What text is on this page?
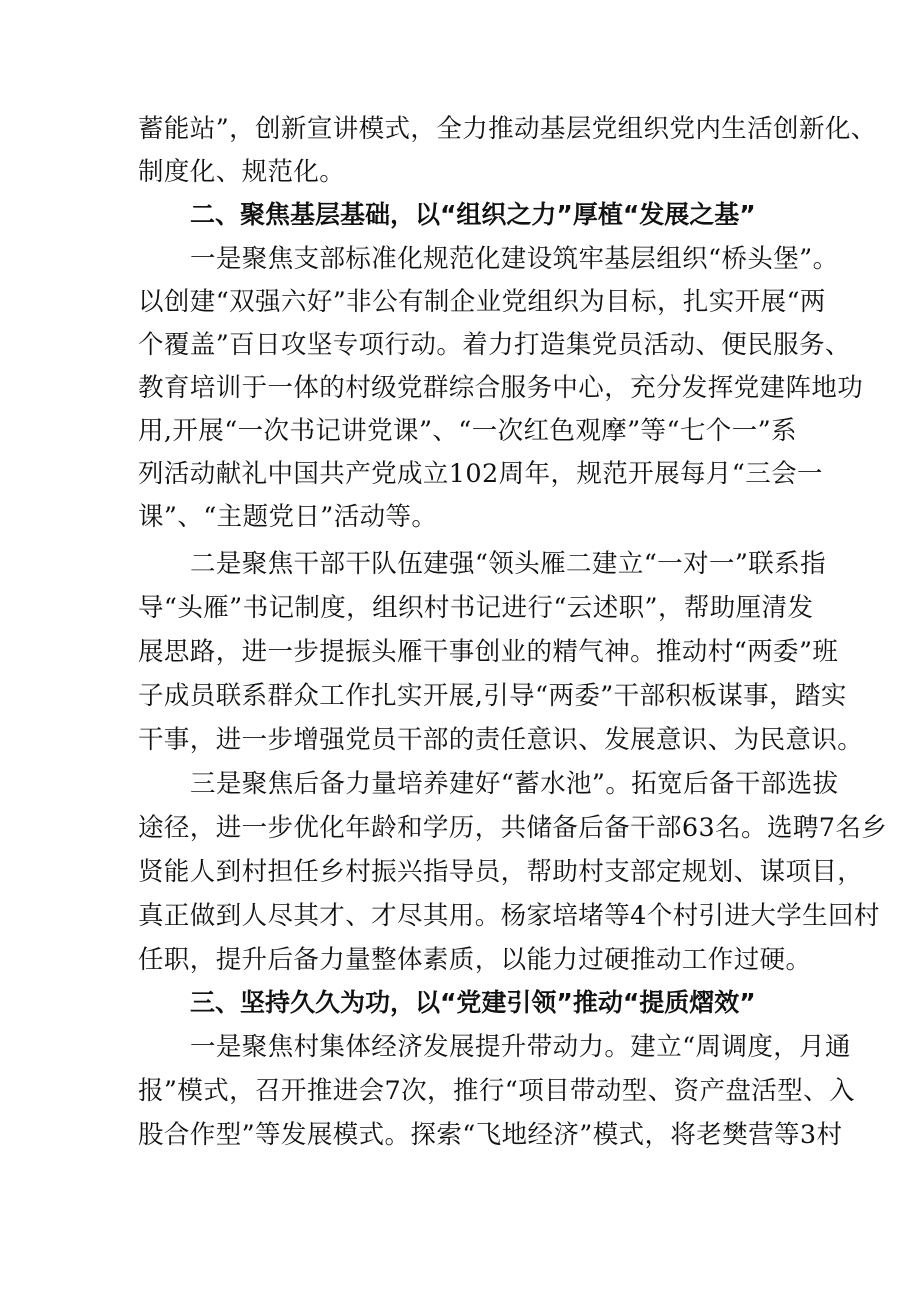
蓄能站”，创新宣讲模式，全力推动基层党组织党内生活创新化、
制度化、规范化。
二、聚焦基层基础，以“组织之力”厚植“发展之基”
一是聚焦支部标准化规范化建设筑牢基层组织“桥头堡”。
以创建“双强六好”非公有制企业党组织为目标，扎实开展“两
个覆盖”百日攻坚专项行动。着力打造集党员活动、便民服务、
教育培训于一体的村级党群综合服务中心，充分发挥党建阵地功
用,开展“一次书记讲党课”、“一次红色观摩”等“七个一”系
列活动献礼中国共产党成立102周年，规范开展每月“三会一
课”、“主题党日”活动等。
二是聚焦干部干队伍建强“领头雁二建立“一对一”联系指
导“头雁”书记制度，组织村书记进行“云述职”，帮助厘清发
展思路，进一步提振头雁干事创业的精气神。推动村“两委”班
子成员联系群众工作扎实开展,引导“两委”干部积板谋事，踏实
干事，进一步增强党员干部的责任意识、发展意识、为民意识。
三是聚焦后备力量培养建好“蓄水池”。拓宽后备干部选拔
途径，进一步优化年龄和学历，共储备后备干部63名。选聘7名乡
贤能人到村担任乡村振兴指导员，帮助村支部定规划、谋项目，
真正做到人尽其才、才尽其用。杨家培堵等4个村引进大学生回村
任职，提升后备力量整体素质，以能力过硬推动工作过硬。
三、坚持久久为功，以“党建引领”推动“提质熠效”
一是聚焦村集体经济发展提升带动力。建立“周调度，月通
报”模式，召开推进会7次，推行“项目带动型、资产盘活型、入
股合作型”等发展模式。探索“飞地经济”模式，将老樊营等3村
